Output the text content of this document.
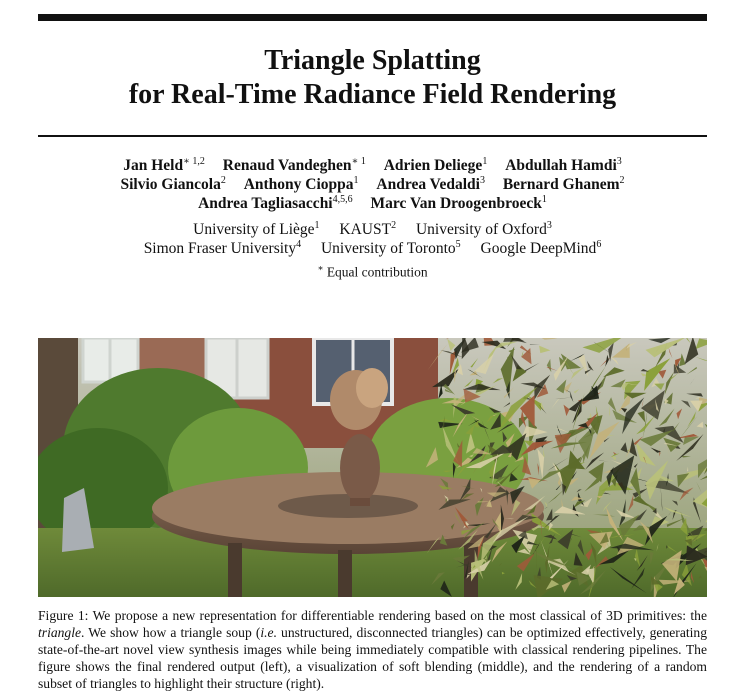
Triangle Splatting
for Real-Time Radiance Field Rendering
Jan Held$^{∗ 1,2}$ Renaud Vandeghen$^{∗ 1}$ Adrien Deliege$^1$ Abdullah Hamdi$^3$
Silvio Giancola$^2$ Anthony Cioppa$^1$ Andrea Vedaldi$^3$ Bernard Ghanem$^2$
Andrea Tagliasacchi$^{4,5,6}$ Marc Van Droogenbroeck$^1$
University of Liège$^1$ KAUST$^2$ University of Oxford$^3$
Simon Fraser University$^4$ University of Toronto$^5$ Google DeepMind$^6$
∗ Equal contribution
Figure 1: We propose a new representation for differentiable rendering based on the most classical of 3D primitives: the triangle. We show how a triangle soup (i.e. unstructured, disconnected triangles) can be optimized effectively, generating state-of-the-art novel view synthesis images while being immediately compatible with classical rendering pipelines. The figure shows the final rendered output (left), a visualization of soft blending (middle), and the rendering of a random subset of triangles to highlight their structure (right).
